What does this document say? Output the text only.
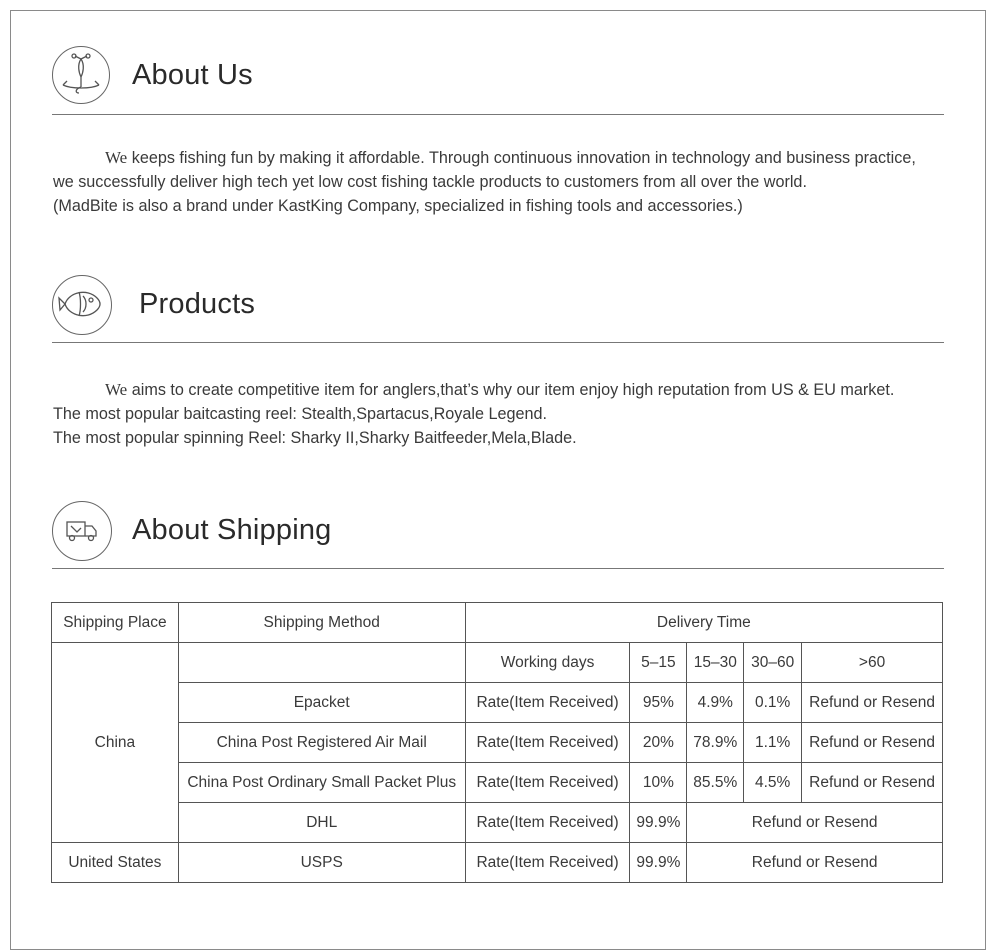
About Us

We keeps fishing fun by making it affordable. Through continuous innovation in technology and business practice,

we successfully deliver high tech yet low cost fishing tackle products to customers from all over the world.

(MadBite is also a brand under KastKing Company, specialized in fishing tools and accessories.)

Products

We aims to create competitive item for anglers,that’s why our item enjoy high reputation from US & EU market.

The most popular baitcasting reel: Stealth,Spartacus,Royale Legend.

The most popular spinning Reel: Sharky II,Sharky Baitfeeder,Mela,Blade.

About Shipping
Shipping Place	Shipping Method	Delivery Time				
China		Working days	5–15	15–30	30–60	>60
	Epacket	Rate(Item Received)	95%	4.9%	0.1%	Refund or Resend
	China Post Registered Air Mail	Rate(Item Received)	20%	78.9%	1.1%	Refund or Resend
	China Post Ordinary Small Packet Plus	Rate(Item Received)	10%	85.5%	4.5%	Refund or Resend
	DHL	Rate(Item Received)	99.9%	Refund or Resend		
United States	USPS	Rate(Item Received)	99.9%	Refund or Resend		
